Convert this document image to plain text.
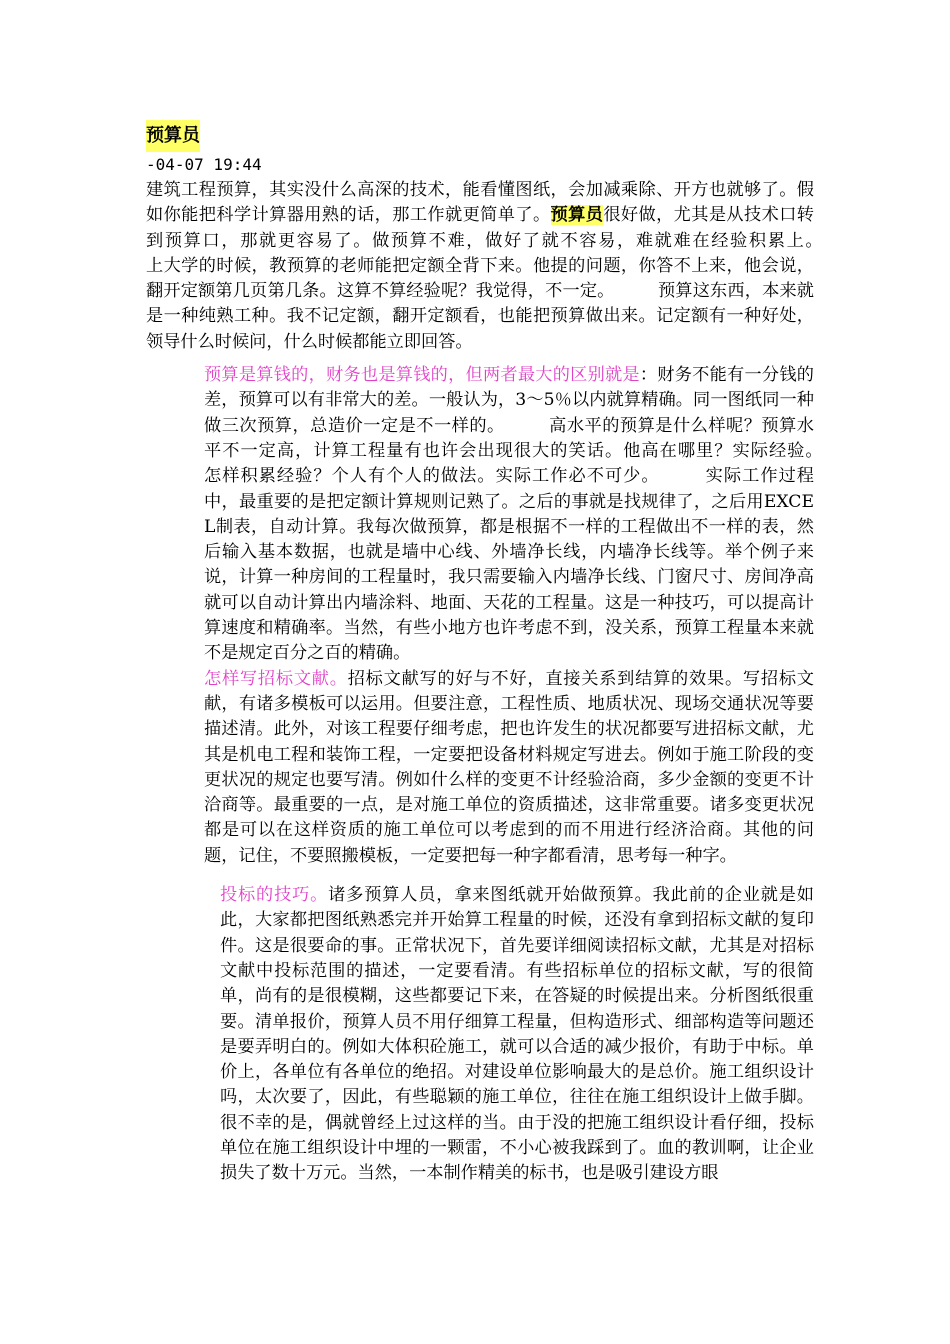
预算员
-04-07 19:44

建筑工程预算，其实没什么高深的技术，能看懂图纸，会加减乘除、开方也就够了。假如你能把科学计算器用熟的话，那工作就更简单了。预算员很好做，尤其是从技术口转到预算口，那就更容易了。做预算不难，做好了就不容易，难就难在经验积累上。　　　上大学的时候，教预算的老师能把定额全背下来。他提的问题，你答不上来，他会说，翻开定额第几页第几条。这算不算经验呢？我觉得，不一定。　　　预算这东西，本来就是一种纯熟工种。我不记定额，翻开定额看，也能把预算做出来。记定额有一种好处，领导什么时候问，什么时候都能立即回答。

预算是算钱的，财务也是算钱的，但两者最大的区别就是：财务不能有一分钱的差，预算可以有非常大的差。一般认为，3～5％以内就算精确。同一图纸同一种做三次预算，总造价一定是不一样的。　　　高水平的预算是什么样呢？预算水平不一定高，计算工程量有也许会出现很大的笑话。他高在哪里？实际经验。　怎样积累经验？个人有个人的做法。实际工作必不可少。　　　实际工作过程中，最重要的是把定额计算规则记熟了。之后的事就是找规律了，之后用EXCEL制表，自动计算。我每次做预算，都是根据不一样的工程做出不一样的表，然后输入基本数据，也就是墙中心线、外墙净长线，内墙净长线等。举个例子来说，计算一种房间的工程量时，我只需要输入内墙净长线、门窗尺寸、房间净高就可以自动计算出内墙涂料、地面、天花的工程量。这是一种技巧，可以提高计算速度和精确率。当然，有些小地方也许考虑不到，没关系，预算工程量本来就不是规定百分之百的精确。

怎样写招标文献。招标文献写的好与不好，直接关系到结算的效果。写招标文献，有诸多模板可以运用。但要注意，工程性质、地质状况、现场交通状况等要描述清。此外，对该工程要仔细考虑，把也许发生的状况都要写进招标文献，尤其是机电工程和装饰工程，一定要把设备材料规定写进去。例如于施工阶段的变更状况的规定也要写清。例如什么样的变更不计经验洽商，多少金额的变更不计洽商等。最重要的一点，是对施工单位的资质描述，这非常重要。诸多变更状况都是可以在这样资质的施工单位可以考虑到的而不用进行经济洽商。其他的问题，记住，不要照搬模板，一定要把每一种字都看清，思考每一种字。

投标的技巧。诸多预算人员，拿来图纸就开始做预算。我此前的企业就是如此，大家都把图纸熟悉完并开始算工程量的时候，还没有拿到招标文献的复印件。这是很要命的事。正常状况下，首先要详细阅读招标文献，尤其是对招标文献中投标范围的描述，一定要看清。有些招标单位的招标文献，写的很简单，尚有的是很模糊，这些都要记下来，在答疑的时候提出来。分析图纸很重要。清单报价，预算人员不用仔细算工程量，但构造形式、细部构造等问题还是要弄明白的。例如大体积砼施工，就可以合适的减少报价，有助于中标。单价上，各单位有各单位的绝招。对建设单位影响最大的是总价。施工组织设计吗，太次要了，因此，有些聪颖的施工单位，往往在施工组织设计上做手脚。很不幸的是，偶就曾经上过这样的当。由于没的把施工组织设计看仔细，投标单位在施工组织设计中埋的一颗雷，不小心被我踩到了。血的教训啊，让企业损失了数十万元。当然，一本制作精美的标书，也是吸引建设方眼
